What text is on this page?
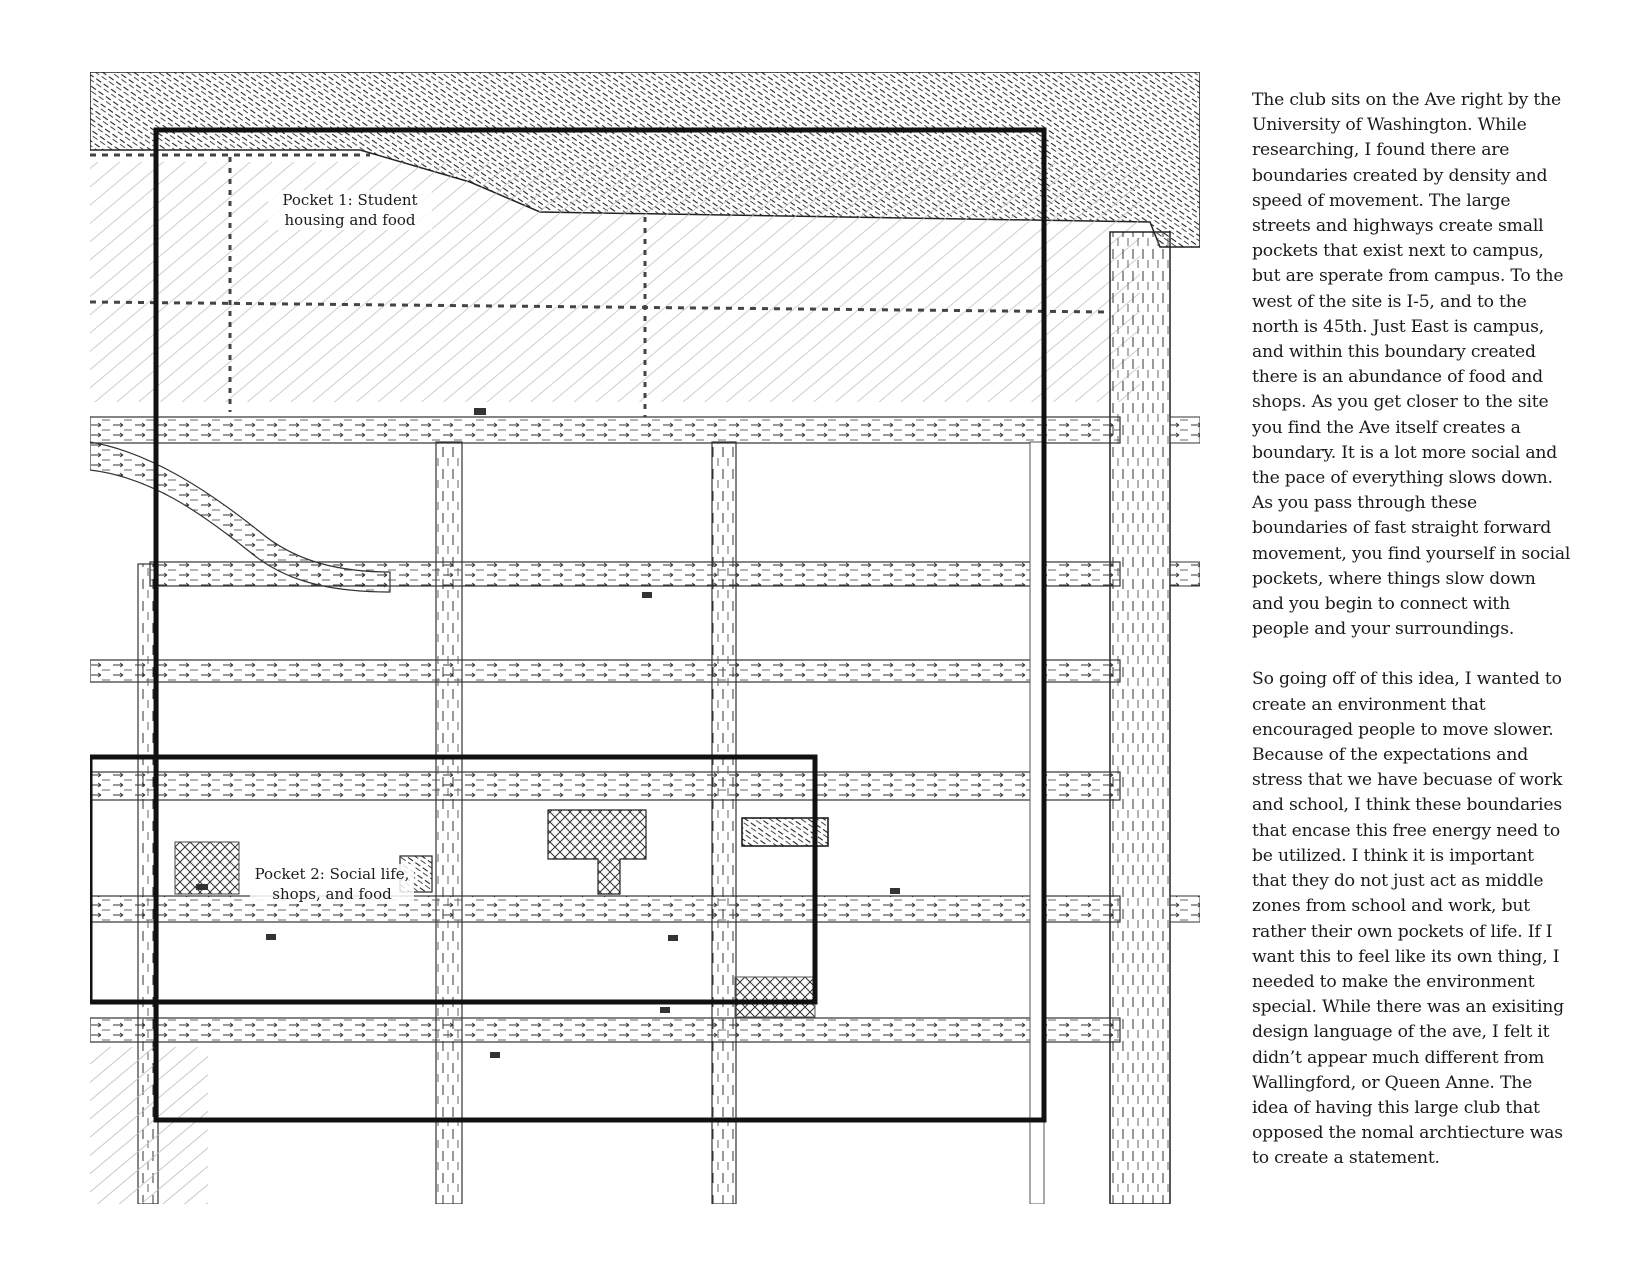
Pocket 1: Student
housing and food
Pocket 2: Social life,
shops, and food

The club sits on the Ave right by the University of Washington. While researching, I found there are boundaries created by density and speed of movement. The large streets and highways create small pockets that exist next to campus, but are sperate from campus. To the west of the site is I-5, and to the north is 45th. Just East is campus, and within this boundary created there is an abundance of food and shops. As you get closer to the site you find the Ave itself creates a boundary. It is a lot more social and the pace of everything slows down. As you pass through these boundaries of fast straight forward movement, you find yourself in social pockets, where things slow down and you begin to connect with people and your surroundings.

So going off of this idea, I wanted to create an environment that encouraged people to move slower. Because of the expectations and stress that we have becuase of work and school, I think these boundaries that encase this free energy need to be utilized. I think it is important that they do not just act as middle zones from school and work, but rather their own pockets of life. If I want this to feel like its own thing, I needed to make the environment special. While there was an exisiting design language of the ave, I felt it didn’t appear much different from Wallingford, or Queen Anne. The idea of having this large club that opposed the nomal archtiecture was to create a statement.
